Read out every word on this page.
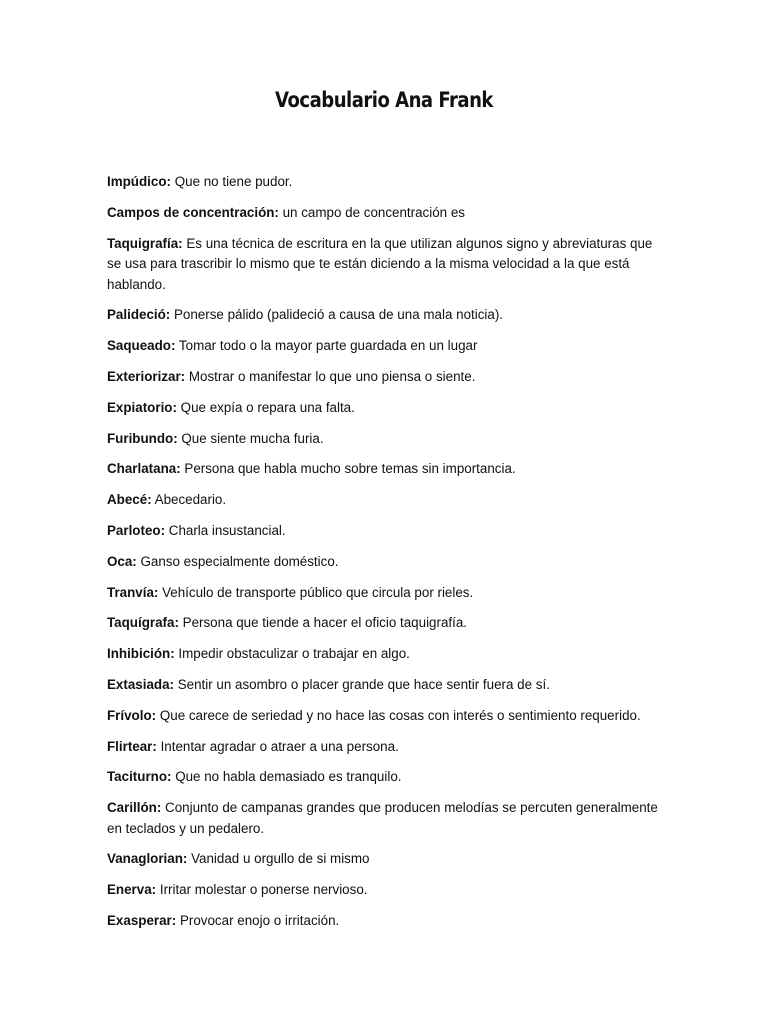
Vocabulario Ana Frank

Impúdico: Que no tiene pudor.

Campos de concentración: un campo de concentración es

Taquigrafía: Es una técnica de escritura en la que utilizan algunos signo y abreviaturas que se usa para trascribir lo mismo que te están diciendo a la misma velocidad a la que está hablando.

Palideció: Ponerse pálido (palideció a causa de una mala noticia).

Saqueado: Tomar todo o la mayor parte guardada en un lugar

Exteriorizar: Mostrar o manifestar lo que uno piensa o siente.

Expiatorio: Que expía o repara una falta.

Furibundo: Que siente mucha furia.

Charlatana: Persona que habla mucho sobre temas sin importancia.

Abecé: Abecedario.

Parloteo: Charla insustancial.

Oca: Ganso especialmente doméstico.

Tranvía: Vehículo de transporte público que circula por rieles.

Taquígrafa: Persona que tiende a hacer el oficio taquigrafía.

Inhibición: Impedir obstaculizar o trabajar en algo.

Extasiada: Sentir un asombro o placer grande que hace sentir fuera de sí.

Frívolo: Que carece de seriedad y no hace las cosas con interés o sentimiento requerido.

Flirtear: Intentar agradar o atraer a una persona.

Taciturno: Que no habla demasiado es tranquilo.

Carillón: Conjunto de campanas grandes que producen melodías se percuten generalmente en teclados y un pedalero.

Vanaglorian: Vanidad u orgullo de si mismo

Enerva: Irritar molestar o ponerse nervioso.

Exasperar: Provocar enojo o irritación.
